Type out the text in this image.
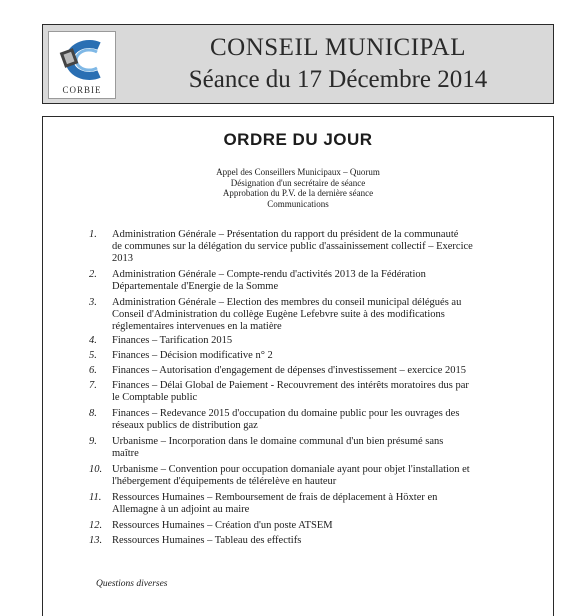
CORBIE
CONSEIL MUNICIPAL
Séance du 17 Décembre 2014
ORDRE DU JOUR
Appel des Conseillers Municipaux – Quorum
Désignation d'un secrétaire de séance
Approbation du P.V. de la dernière séance
Communications
1. Administration Générale – Présentation du rapport du président de la communauté
de communes sur la délégation du service public d'assainissement collectif – Exercice
2013
2. Administration Générale – Compte-rendu d'activités 2013 de la Fédération
Départementale d'Energie de la Somme
3. Administration Générale – Election des membres du conseil municipal délégués au
Conseil d'Administration du collège Eugène Lefebvre suite à des modifications
réglementaires intervenues en la matière
4. Finances – Tarification 2015
5. Finances – Décision modificative n° 2
6. Finances – Autorisation d'engagement de dépenses d'investissement – exercice 2015
7. Finances – Délai Global de Paiement - Recouvrement des intérêts moratoires dus par
le Comptable public
8. Finances – Redevance 2015 d'occupation du domaine public pour les ouvrages des
réseaux publics de distribution gaz
9. Urbanisme – Incorporation dans le domaine communal d'un bien présumé sans
maître
10. Urbanisme – Convention pour occupation domaniale ayant pour objet l'installation et
l'hébergement d'équipements de télérelève en hauteur
11. Ressources Humaines – Remboursement de frais de déplacement à Höxter en
Allemagne à un adjoint au maire
12. Ressources Humaines – Création d'un poste ATSEM
13. Ressources Humaines – Tableau des effectifs
Questions diverses
